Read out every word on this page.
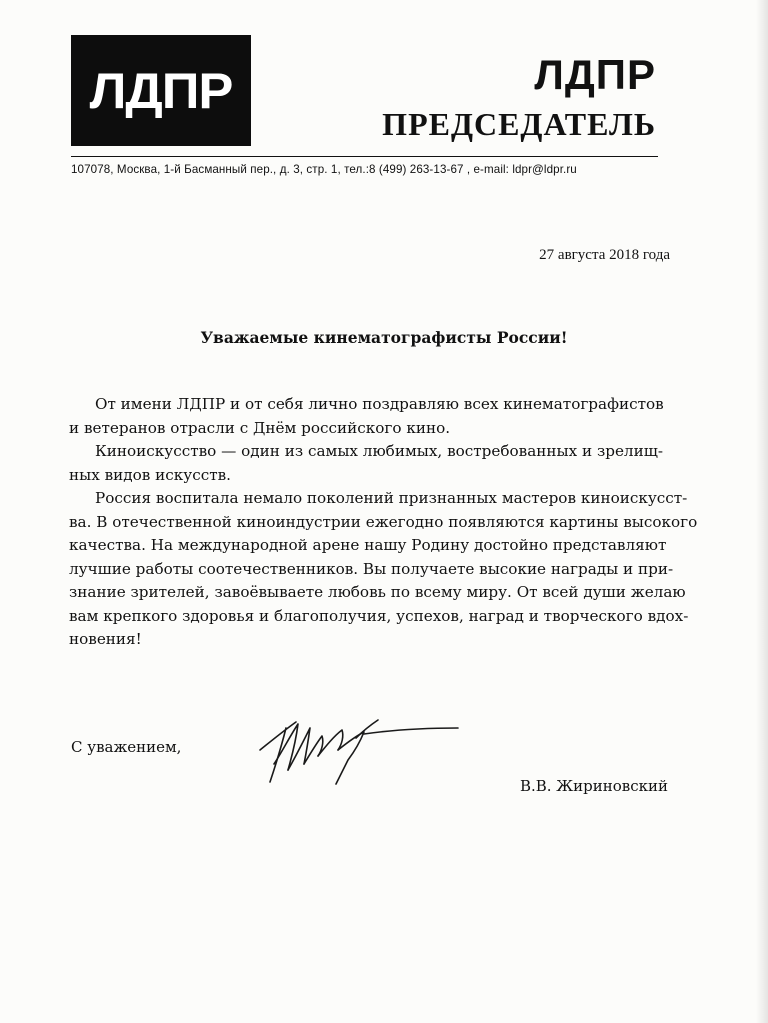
ЛДПР	ЛДПР
ПРЕДСЕДАТЕЛЬ
107078, Москва, 1-й Басманный пер., д. 3, стр. 1, тел.:8 (499) 263-13-67 , e-mail: ldpr@ldpr.ru
27 августа 2018 года
Уважаемые кинематографисты России!
От имени ЛДПР и от себя лично поздравляю всех кинематографистов
и ветеранов отрасли с Днём российского кино.
Киноискусство — один из самых любимых, востребованных и зрелищ-
ных видов искусств.
Россия воспитала немало поколений признанных мастеров киноискусст-
ва. В отечественной киноиндустрии ежегодно появляются картины высокого
качества. На международной арене нашу Родину достойно представляют
лучшие работы соотечественников. Вы получаете высокие награды и при-
знание зрителей, завоёвываете любовь по всему миру. От всей души желаю
вам крепкого здоровья и благополучия, успехов, наград и творческого вдох-
новения!
С уважением,
В.В. Жириновский
